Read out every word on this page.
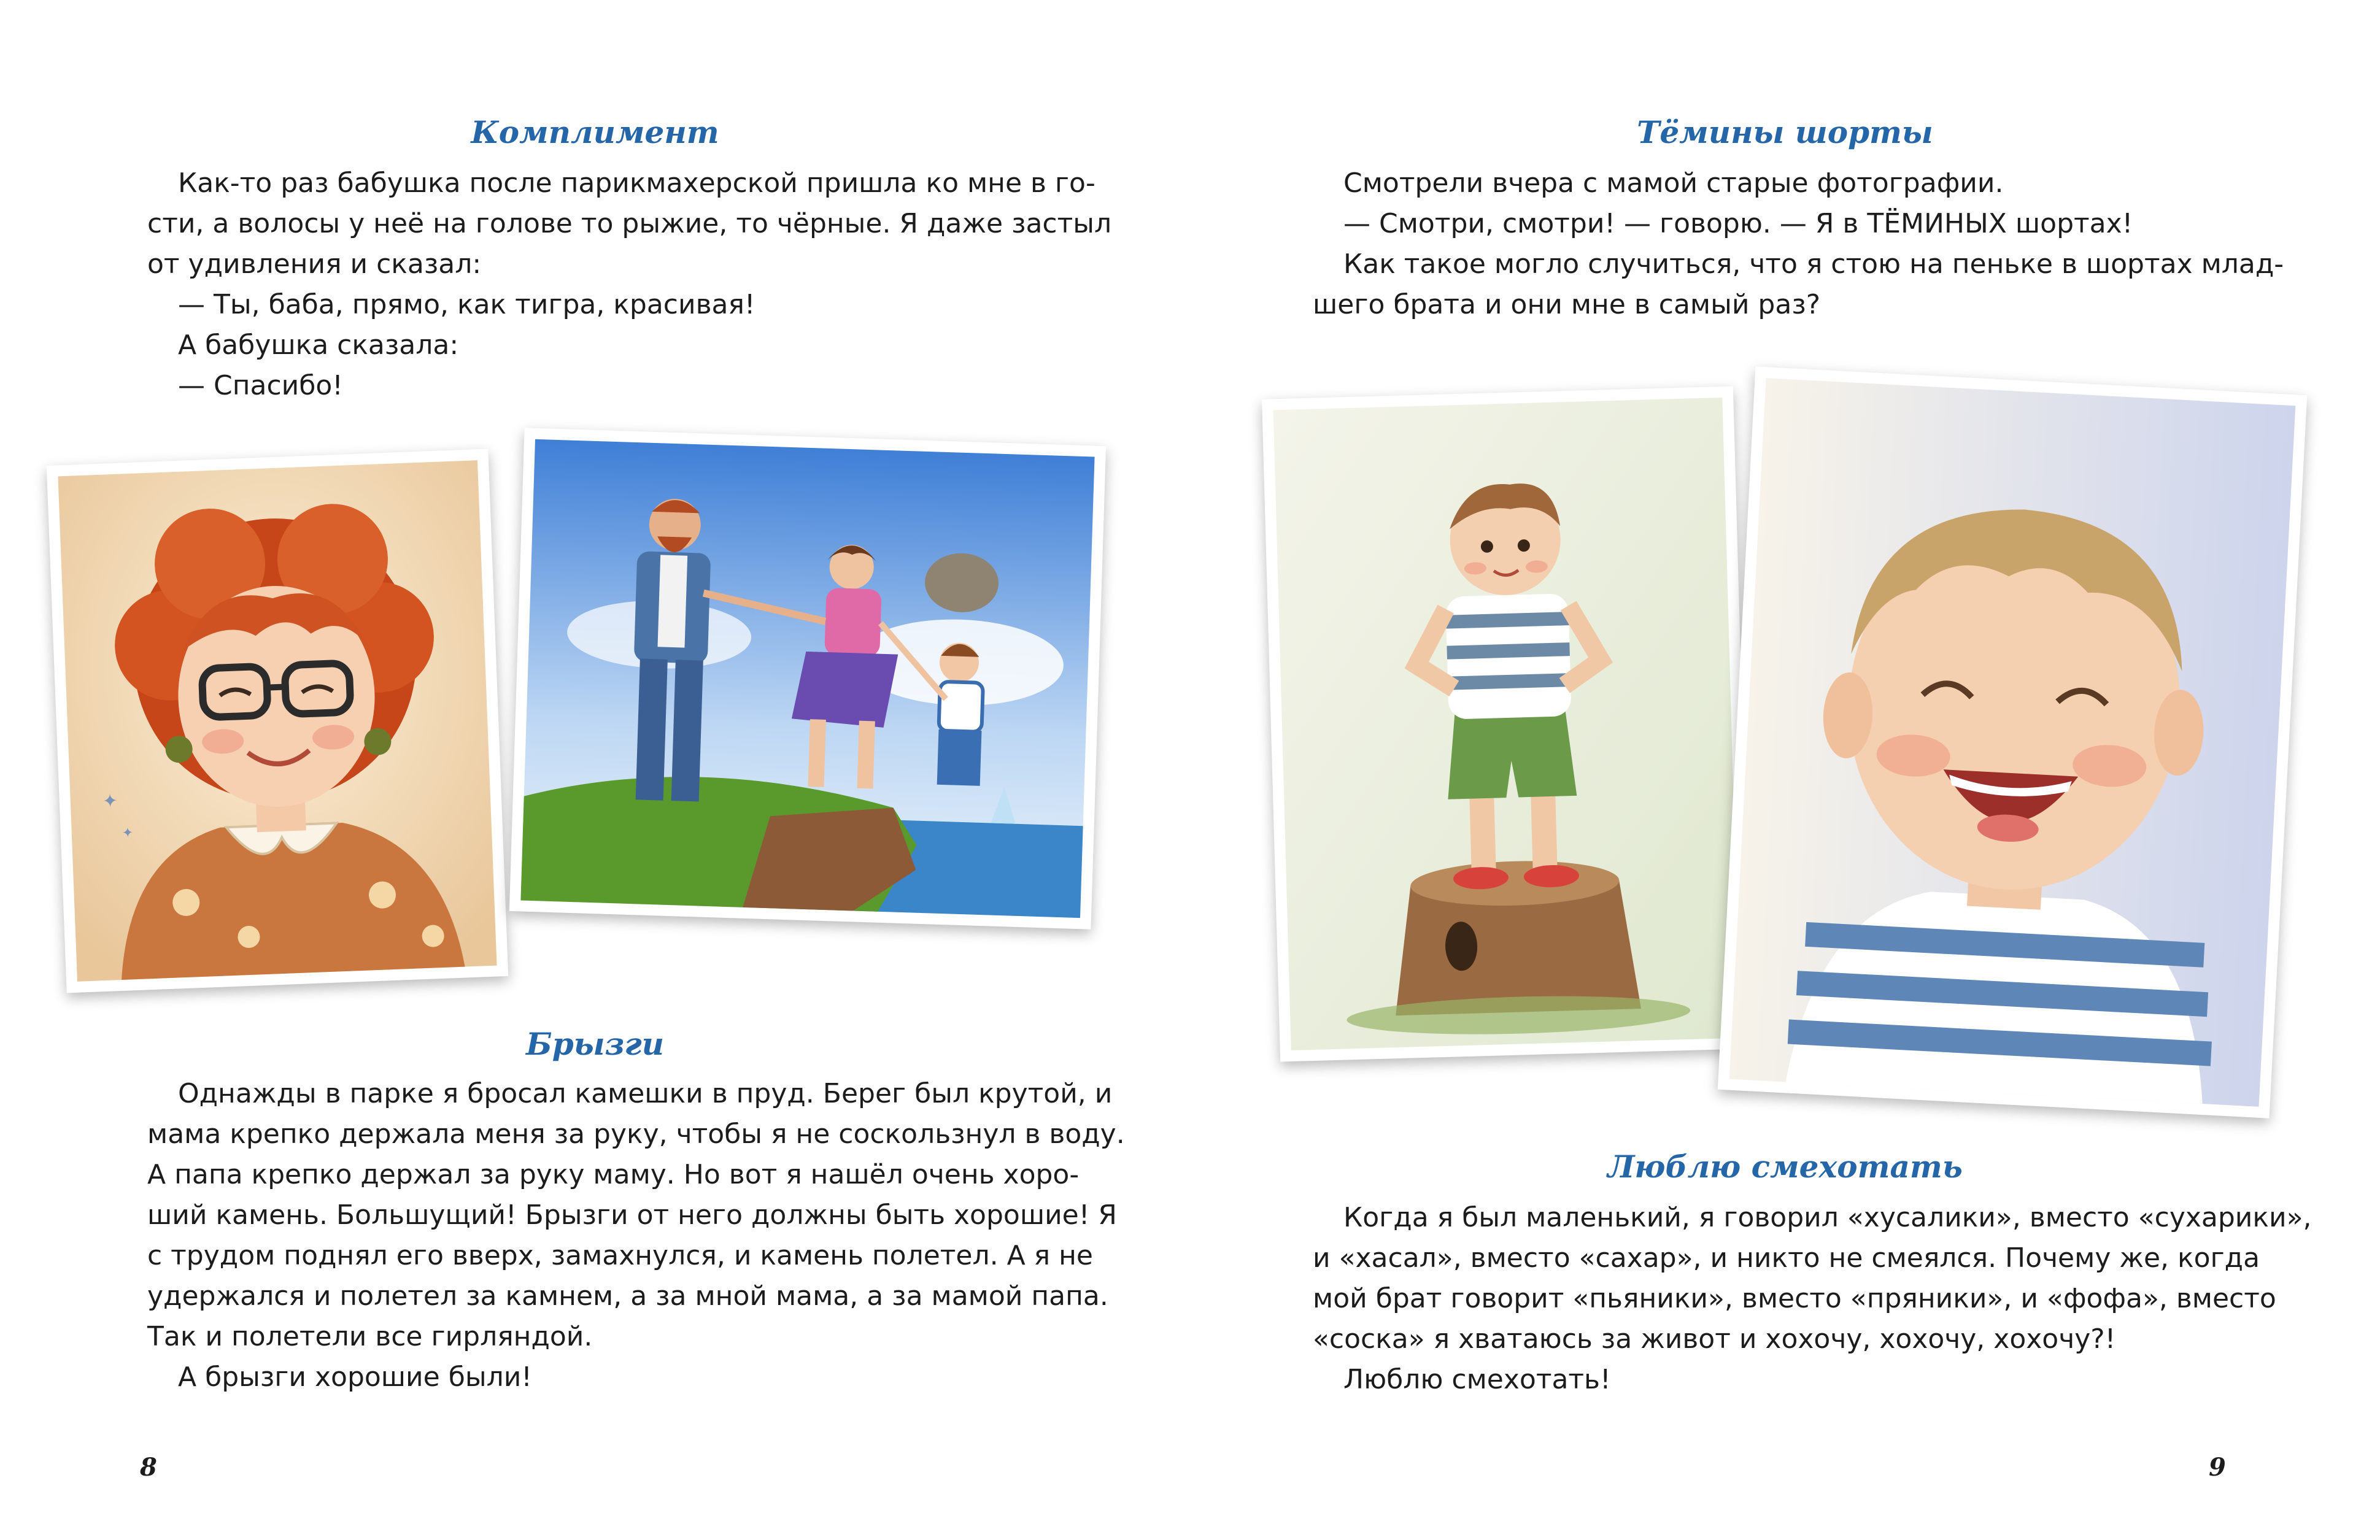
Комплимент

Как-то раз бабушка после парикмахерской пришла ко мне в го-

сти, а волосы у неё на голове то рыжие, то чёрные. Я даже застыл

от удивления и сказал:

— Ты, баба, прямо, как тигра, красивая!

А бабушка сказала:

— Спасибо!

✦
✦
Брызги

Однажды в парке я бросал камешки в пруд. Берег был крутой, и

мама крепко держала меня за руку, чтобы я не соскользнул в воду.

А папа крепко держал за руку маму. Но вот я нашёл очень хоро-

ший камень. Большущий! Брызги от него должны быть хорошие! Я

с трудом поднял его вверх, замахнулся, и камень полетел. А я не

удержался и полетел за камнем, а за мной мама, а за мамой папа.

Так и полетели все гирляндой.

А брызги хорошие были!

8
Тёмины шорты

Смотрели вчера с мамой старые фотографии.

— Смотри, смотри! — говорю. — Я в ТЁМИНЫХ шортах!

Как такое могло случиться, что я стою на пеньке в шортах млад-

шего брата и они мне в самый раз?

Люблю смехотать

Когда я был маленький, я говорил «хусалики», вместо «сухарики»,

и «хасал», вместо «сахар», и никто не смеялся. Почему же, когда

мой брат говорит «пьяники», вместо «пряники», и «фофа», вместо

«соска» я хватаюсь за живот и хохочу, хохочу, хохочу?!

Люблю смехотать!

9
